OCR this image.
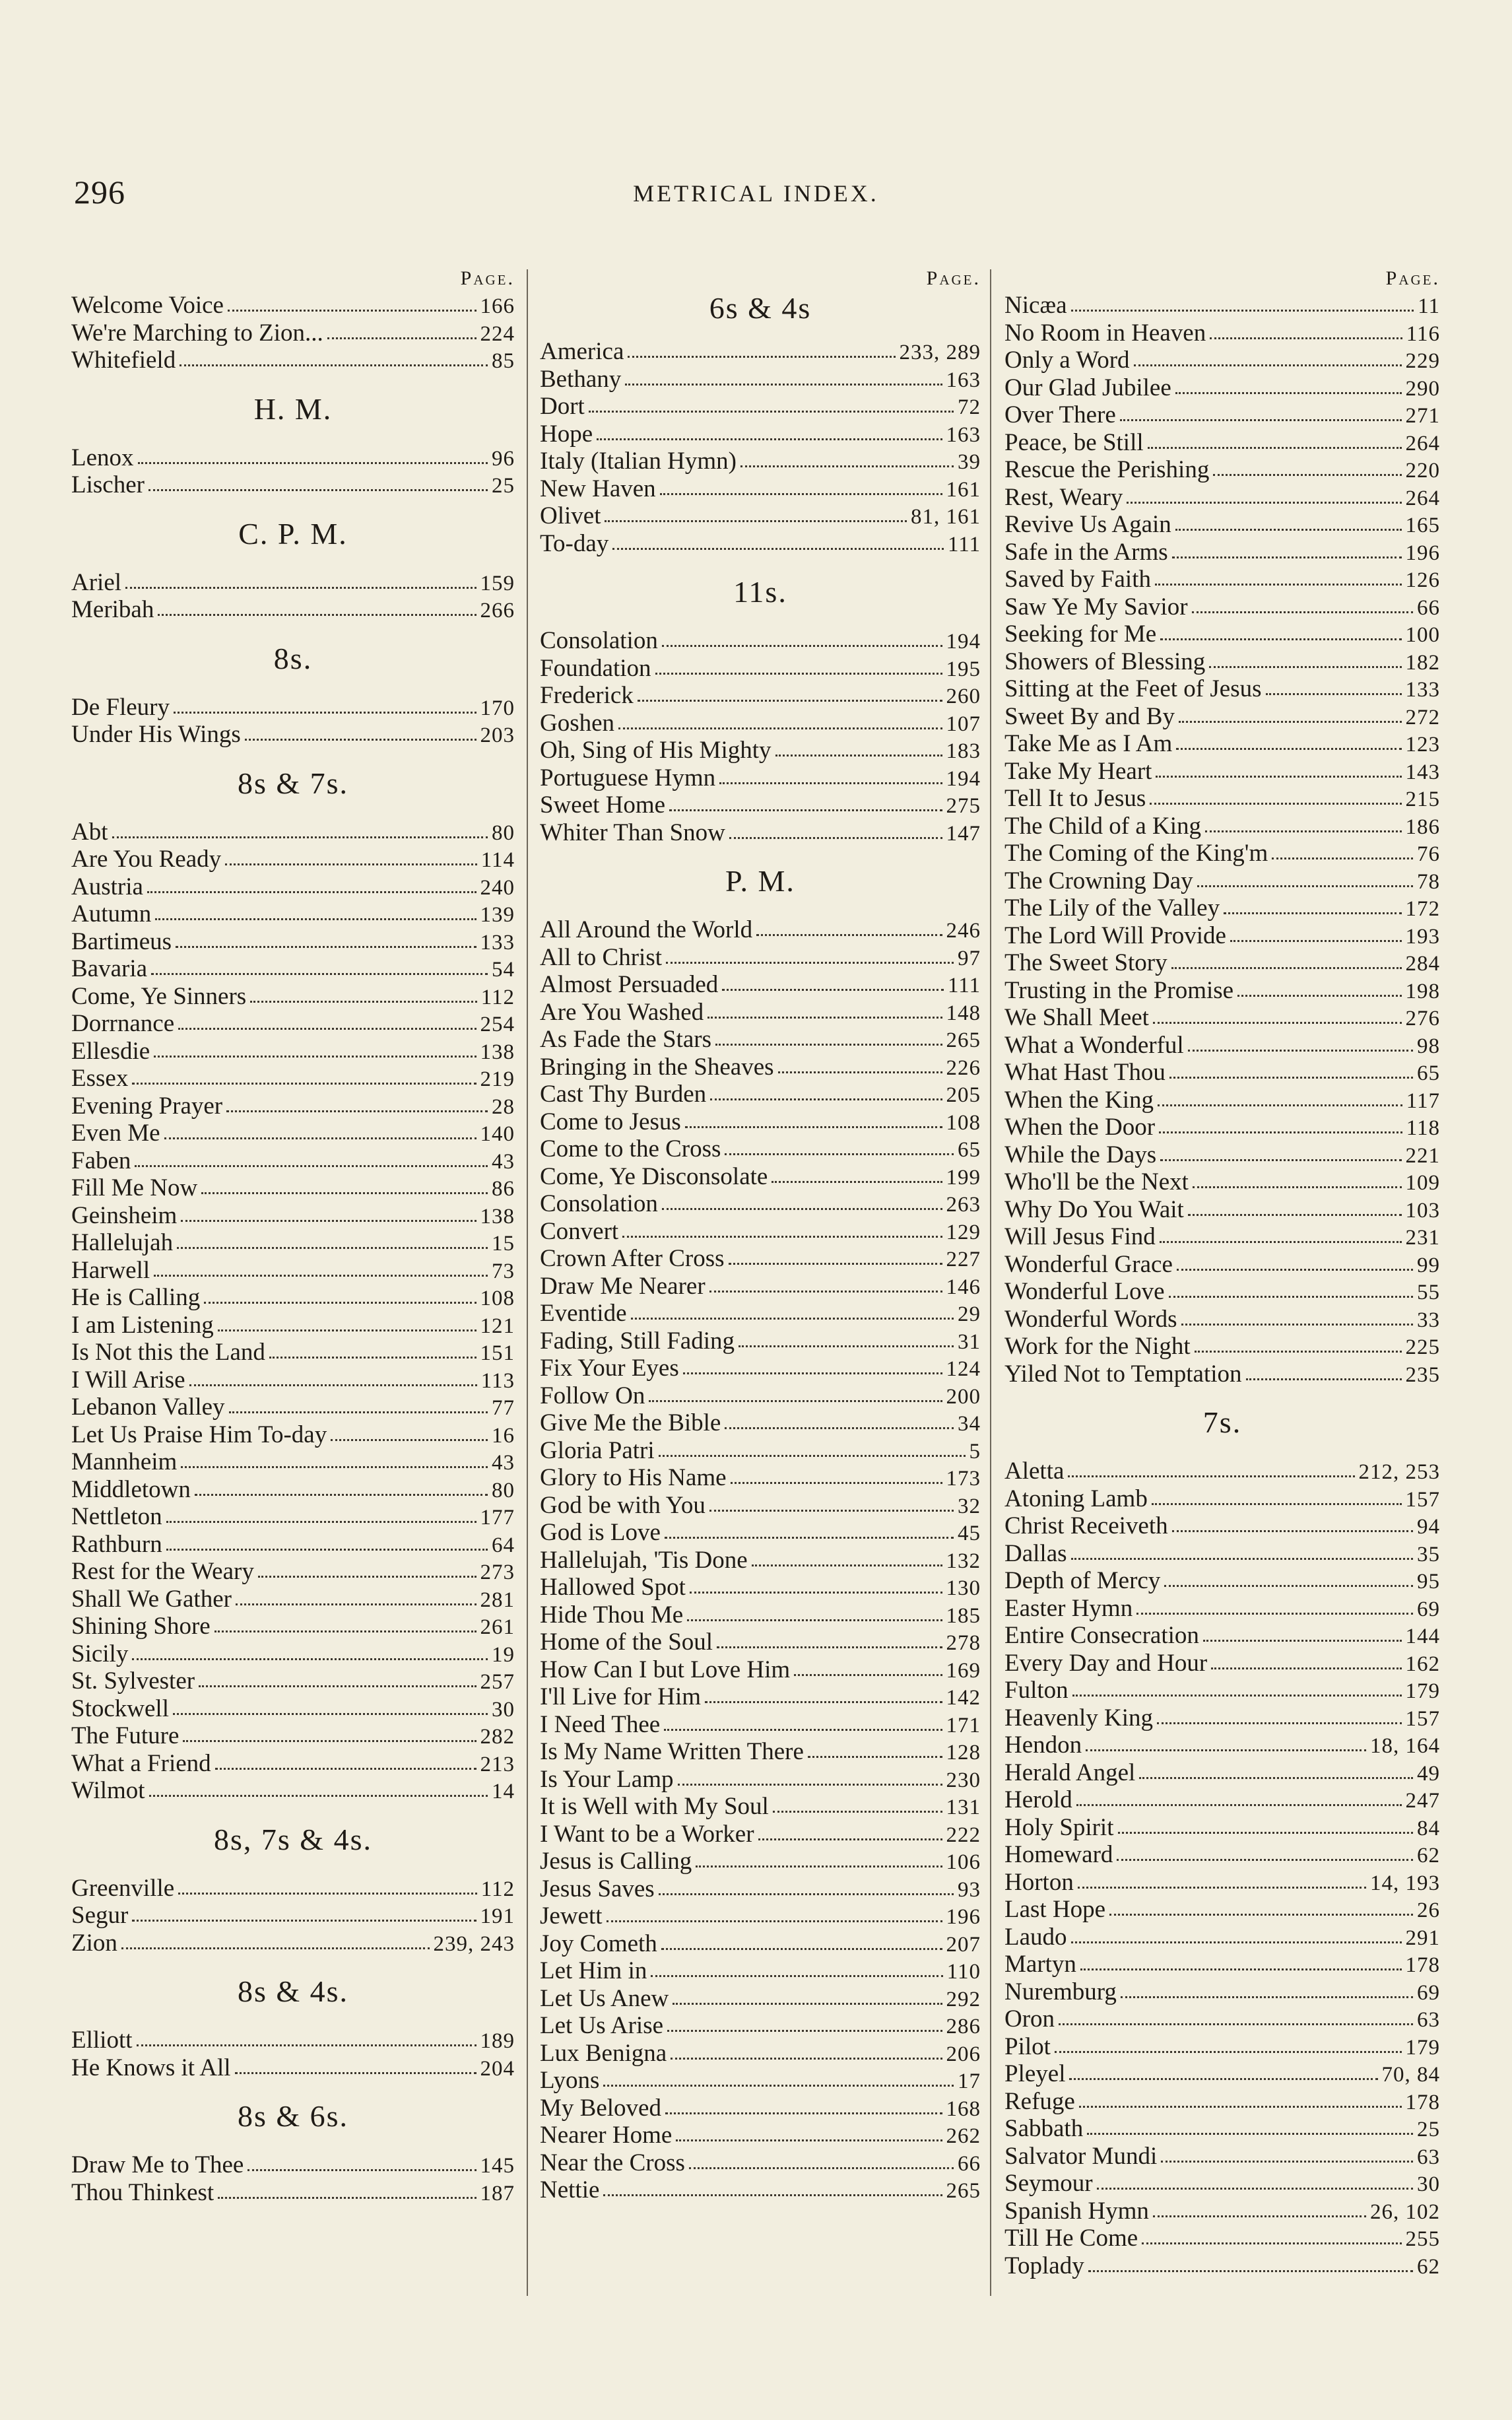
296	METRICAL INDEX.
Page.
Welcome Voice	166
We're Marching to Zion...	224
Whitefield	85
H. M.
Lenox	96
Lischer	25
C. P. M.
Ariel	159
Meribah	266
8s.
De Fleury	170
Under His Wings	203
8s & 7s.
Abt	80
Are You Ready	114
Austria	240
Autumn	139
Bartimeus	133
Bavaria	54
Come, Ye Sinners	112
Dorrnance	254
Ellesdie	138
Essex	219
Evening Prayer	28
Even Me	140
Faben	43
Fill Me Now	86
Geinsheim	138
Hallelujah	15
Harwell	73
He is Calling	108
I am Listening	121
Is Not this the Land	151
I Will Arise	113
Lebanon Valley	77
Let Us Praise Him To-day	16
Mannheim	43
Middletown	80
Nettleton	177
Rathburn	64
Rest for the Weary	273
Shall We Gather	281
Shining Shore	261
Sicily	19
St. Sylvester	257
Stockwell	30
The Future	282
What a Friend	213
Wilmot	14
8s, 7s & 4s.
Greenville	112
Segur	191
Zion	239, 243
8s & 4s.
Elliott	189
He Knows it All	204
8s & 6s.
Draw Me to Thee	145
Thou Thinkest	187
Page.
6s & 4s
America	233, 289
Bethany	163
Dort	72
Hope	163
Italy (Italian Hymn)	39
New Haven	161
Olivet	81, 161
To-day	111
11s.
Consolation	194
Foundation	195
Frederick	260
Goshen	107
Oh, Sing of His Mighty	183
Portuguese Hymn	194
Sweet Home	275
Whiter Than Snow	147
P. M.
All Around the World	246
All to Christ	97
Almost Persuaded	111
Are You Washed	148
As Fade the Stars	265
Bringing in the Sheaves	226
Cast Thy Burden	205
Come to Jesus	108
Come to the Cross	65
Come, Ye Disconsolate	199
Consolation	263
Convert	129
Crown After Cross	227
Draw Me Nearer	146
Eventide	29
Fading, Still Fading	31
Fix Your Eyes	124
Follow On	200
Give Me the Bible	34
Gloria Patri	5
Glory to His Name	173
God be with You	32
God is Love	45
Hallelujah, 'Tis Done	132
Hallowed Spot	130
Hide Thou Me	185
Home of the Soul	278
How Can I but Love Him	169
I'll Live for Him	142
I Need Thee	171
Is My Name Written There	128
Is Your Lamp	230
It is Well with My Soul	131
I Want to be a Worker	222
Jesus is Calling	106
Jesus Saves	93
Jewett	196
Joy Cometh	207
Let Him in	110
Let Us Anew	292
Let Us Arise	286
Lux Benigna	206
Lyons	17
My Beloved	168
Nearer Home	262
Near the Cross	66
Nettie	265
Page.
Nicæa	11
No Room in Heaven	116
Only a Word	229
Our Glad Jubilee	290
Over There	271
Peace, be Still	264
Rescue the Perishing	220
Rest, Weary	264
Revive Us Again	165
Safe in the Arms	196
Saved by Faith	126
Saw Ye My Savior	66
Seeking for Me	100
Showers of Blessing	182
Sitting at the Feet of Jesus	133
Sweet By and By	272
Take Me as I Am	123
Take My Heart	143
Tell It to Jesus	215
The Child of a King	186
The Coming of the King'm	76
The Crowning Day	78
The Lily of the Valley	172
The Lord Will Provide	193
The Sweet Story	284
Trusting in the Promise	198
We Shall Meet	276
What a Wonderful	98
What Hast Thou	65
When the King	117
When the Door	118
While the Days	221
Who'll be the Next	109
Why Do You Wait	103
Will Jesus Find	231
Wonderful Grace	99
Wonderful Love	55
Wonderful Words	33
Work for the Night	225
Yiled Not to Temptation	235
7s.
Aletta	212, 253
Atoning Lamb	157
Christ Receiveth	94
Dallas	35
Depth of Mercy	95
Easter Hymn	69
Entire Consecration	144
Every Day and Hour	162
Fulton	179
Heavenly King	157
Hendon	18, 164
Herald Angel	49
Herold	247
Holy Spirit	84
Homeward	62
Horton	14, 193
Last Hope	26
Laudo	291
Martyn	178
Nuremburg	69
Oron	63
Pilot	179
Pleyel	70, 84
Refuge	178
Sabbath	25
Salvator Mundi	63
Seymour	30
Spanish Hymn	26, 102
Till He Come	255
Toplady	62
